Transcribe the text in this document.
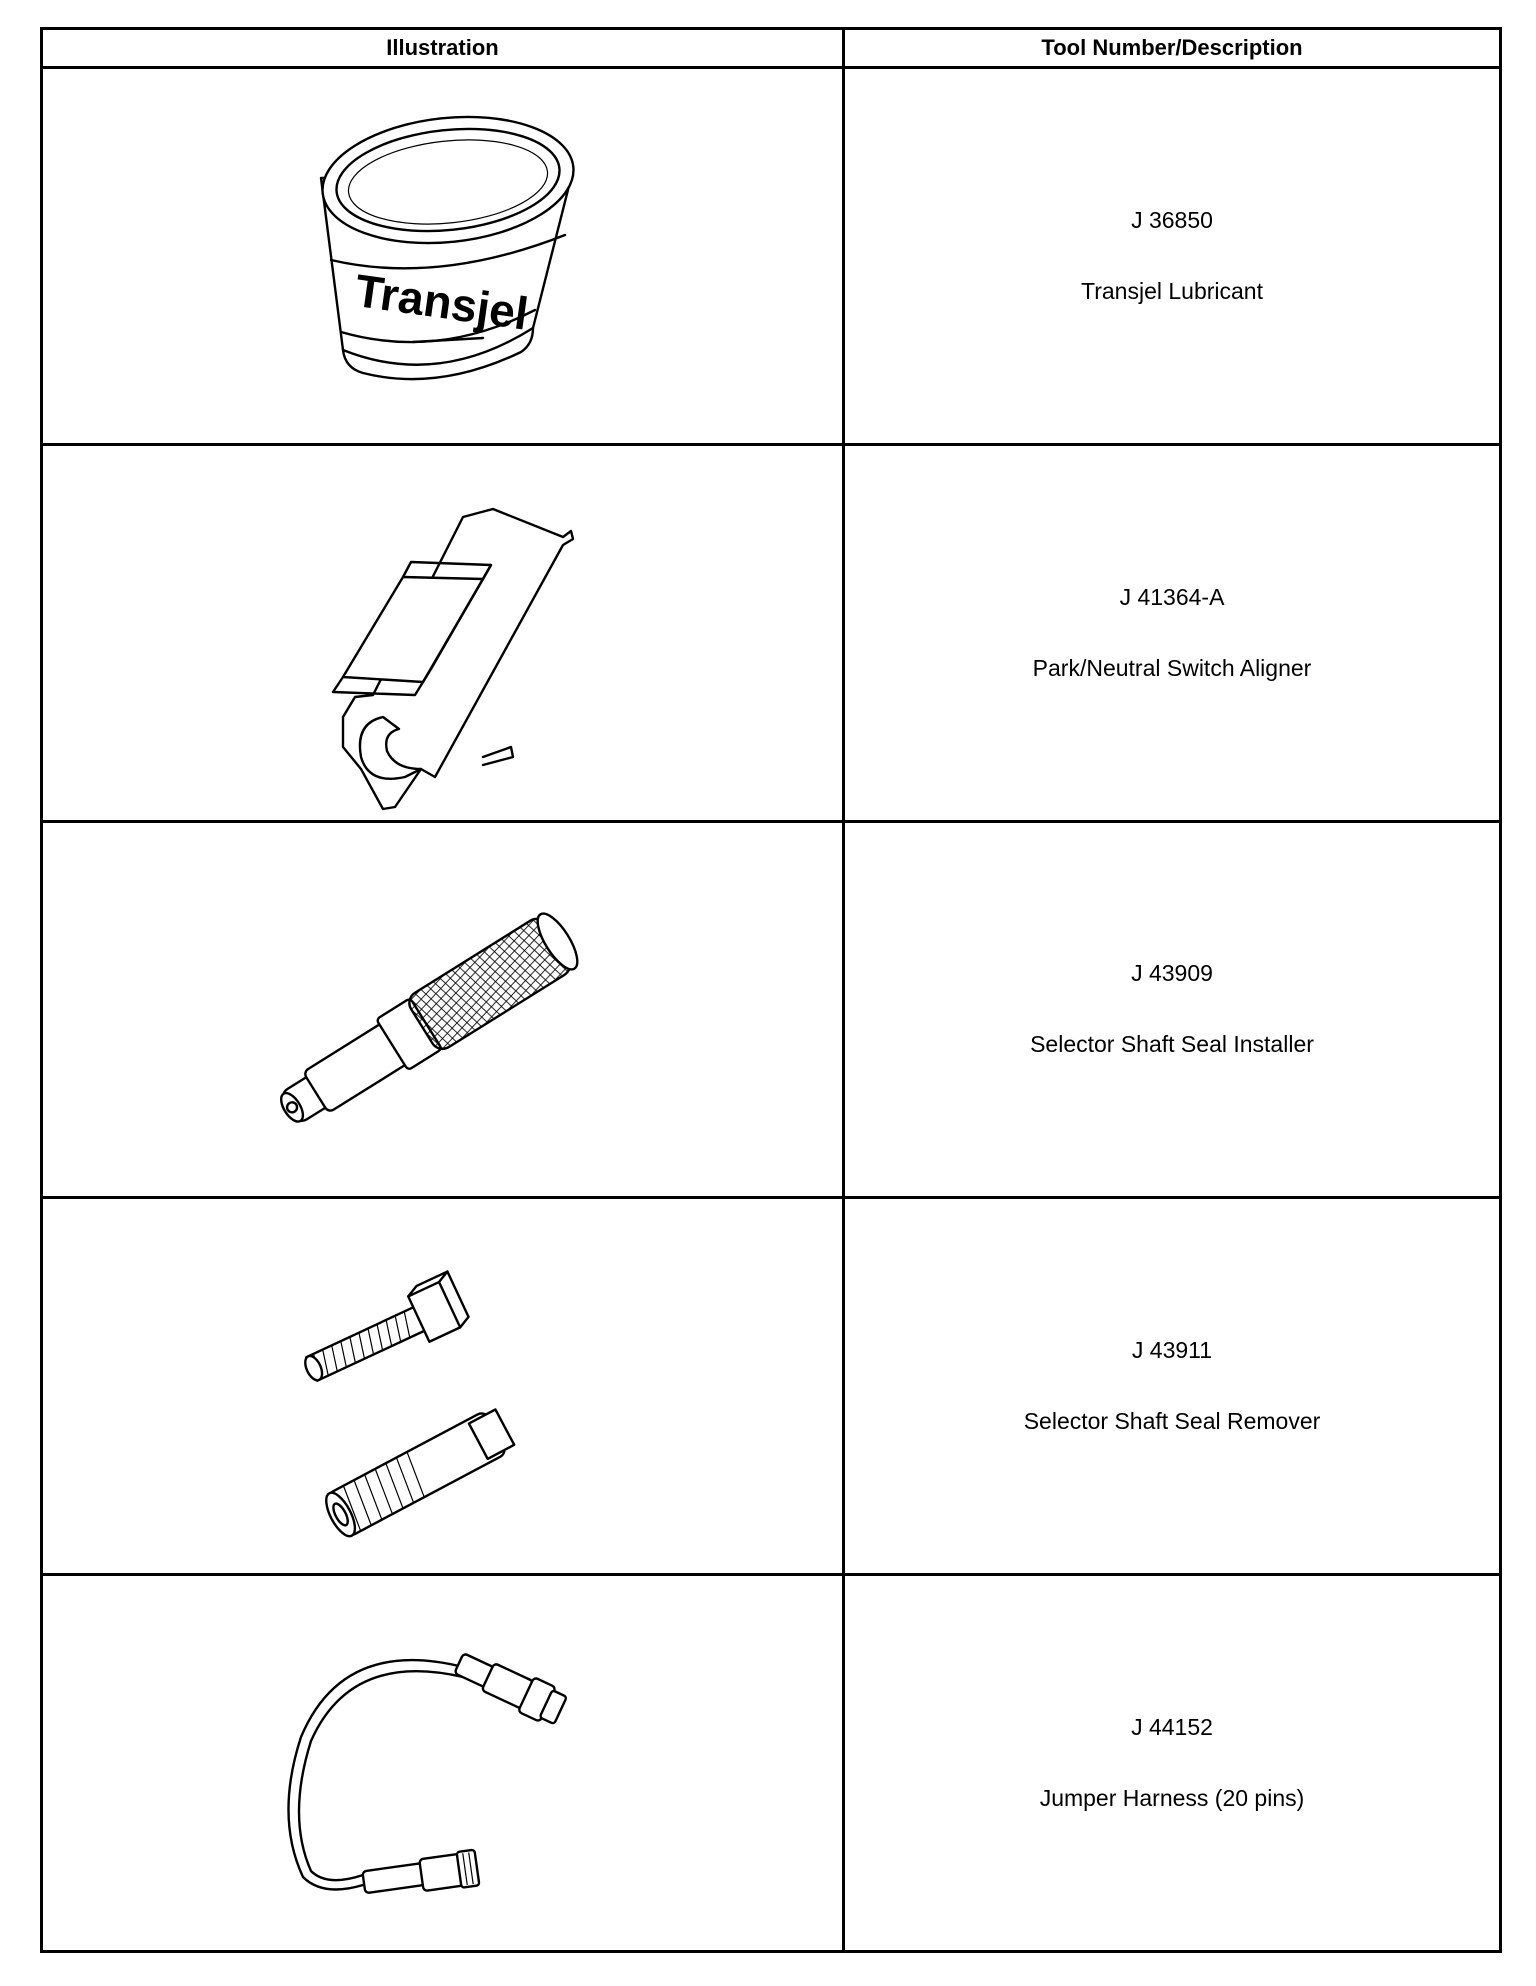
Illustration	Tool Number/Description

Transjel	J 36850
Transjel Lubricant

J 41364-A
Park/Neutral Switch Aligner

J 43909
Selector Shaft Seal Installer

J 43911
Selector Shaft Seal Remover

J 44152
Jumper Harness (20 pins)
